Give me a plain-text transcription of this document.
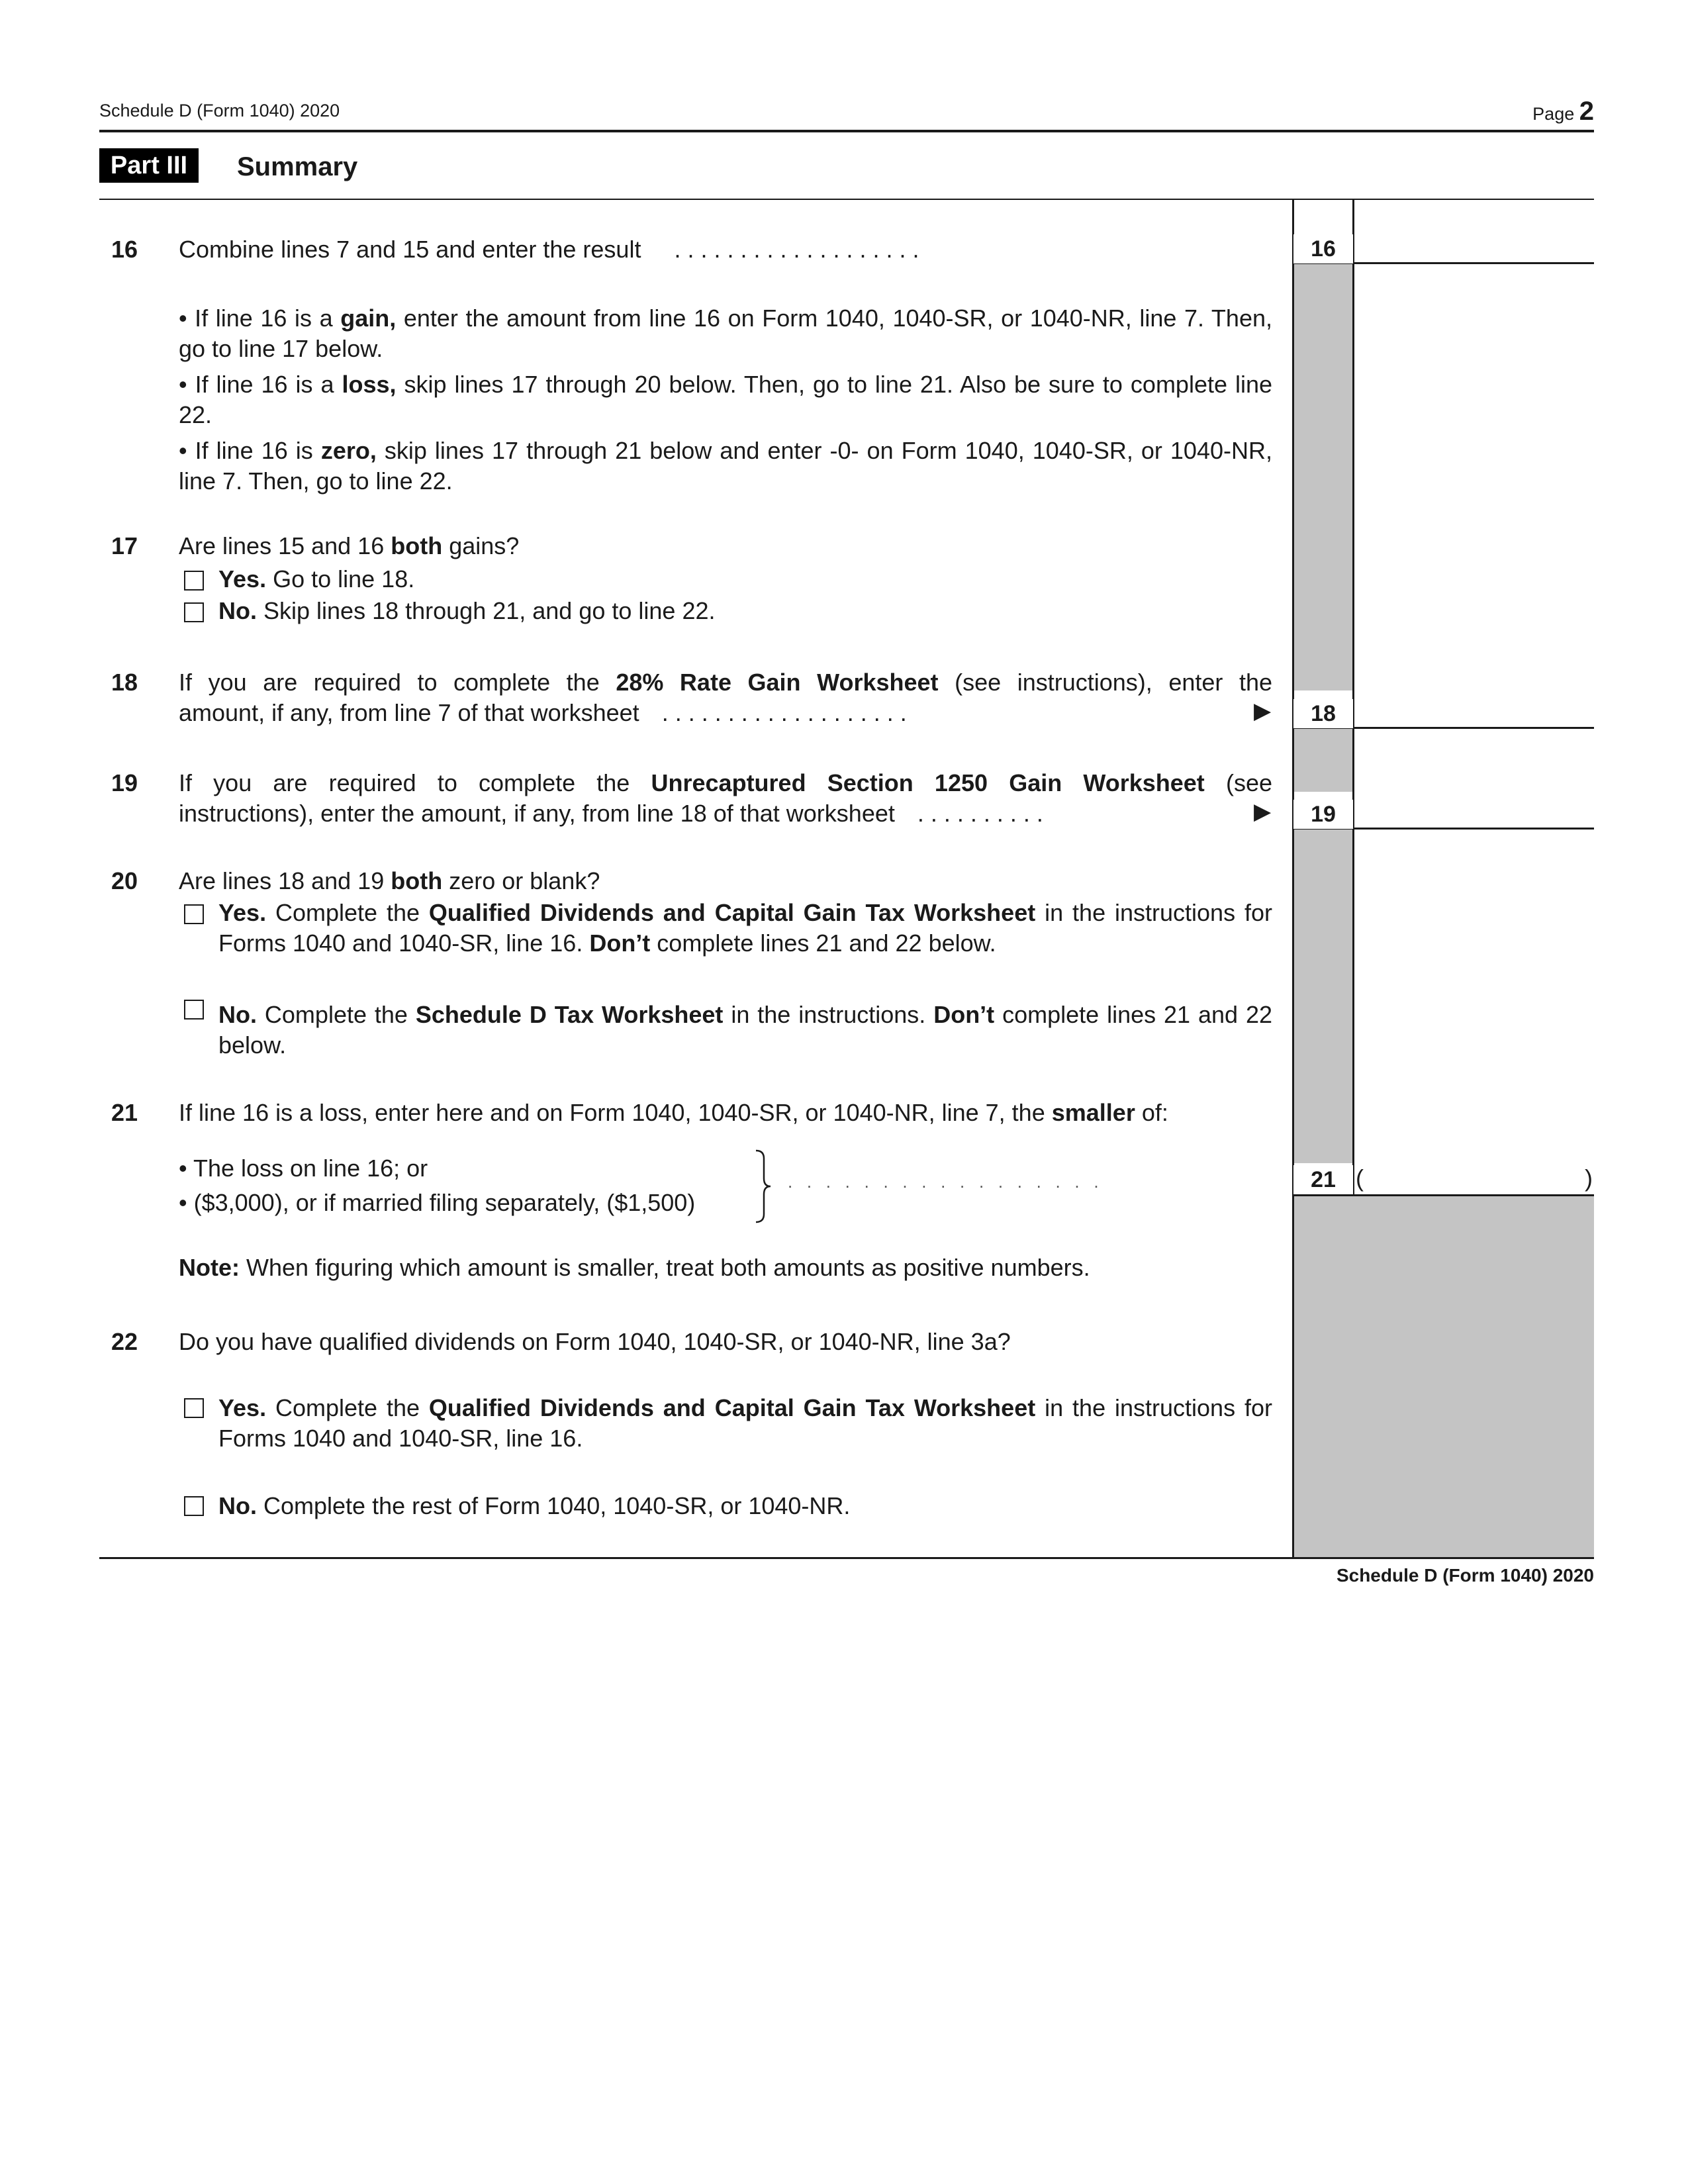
Schedule D (Form 1040) 2020	Page 2
Part III	Summary
16 Combine lines 7 and 15 and enter the result . . . . . . . . . . . . . . . . . . .	16
• If line 16 is a gain, enter the amount from line 16 on Form 1040, 1040-SR, or 1040-NR, line 7. Then, go to line 17 below.
• If line 16 is a loss, skip lines 17 through 20 below. Then, go to line 21. Also be sure to complete line 22.
• If line 16 is zero, skip lines 17 through 21 below and enter -0- on Form 1040, 1040-SR, or 1040-NR, line 7. Then, go to line 22.
17 Are lines 15 and 16 both gains?
Yes. Go to line 18.
No. Skip lines 18 through 21, and go to line 22.
18 If you are required to complete the 28% Rate Gain Worksheet (see instructions), enter the
amount, if any, from line 7 of that worksheet . . . . . . . . . . . . . . . . . . .	▶	18
19 If you are required to complete the Unrecaptured Section 1250 Gain Worksheet (see
instructions), enter the amount, if any, from line 18 of that worksheet . . . . . . . . . .	▶	19
20 Are lines 18 and 19 both zero or blank?
Yes. Complete the Qualified Dividends and Capital Gain Tax Worksheet in the instructions for Forms 1040 and 1040-SR, line 16. Don’t complete lines 21 and 22 below.
No. Complete the Schedule D Tax Worksheet in the instructions. Don’t complete lines 21 and 22 below.
21 If line 16 is a loss, enter here and on Form 1040, 1040-SR, or 1040-NR, line 7, the smaller of:
• The loss on line 16; or
• ($3,000), or if married filing separately, ($1,500)
.   .   .   .   .   .   .   .   .   .   .   .   .   .   .   .   .	21 (	)
Note: When figuring which amount is smaller, treat both amounts as positive numbers.
22 Do you have qualified dividends on Form 1040, 1040-SR, or 1040-NR, line 3a?
Yes. Complete the Qualified Dividends and Capital Gain Tax Worksheet in the instructions for Forms 1040 and 1040-SR, line 16.
No. Complete the rest of Form 1040, 1040-SR, or 1040-NR.
Schedule D (Form 1040) 2020
